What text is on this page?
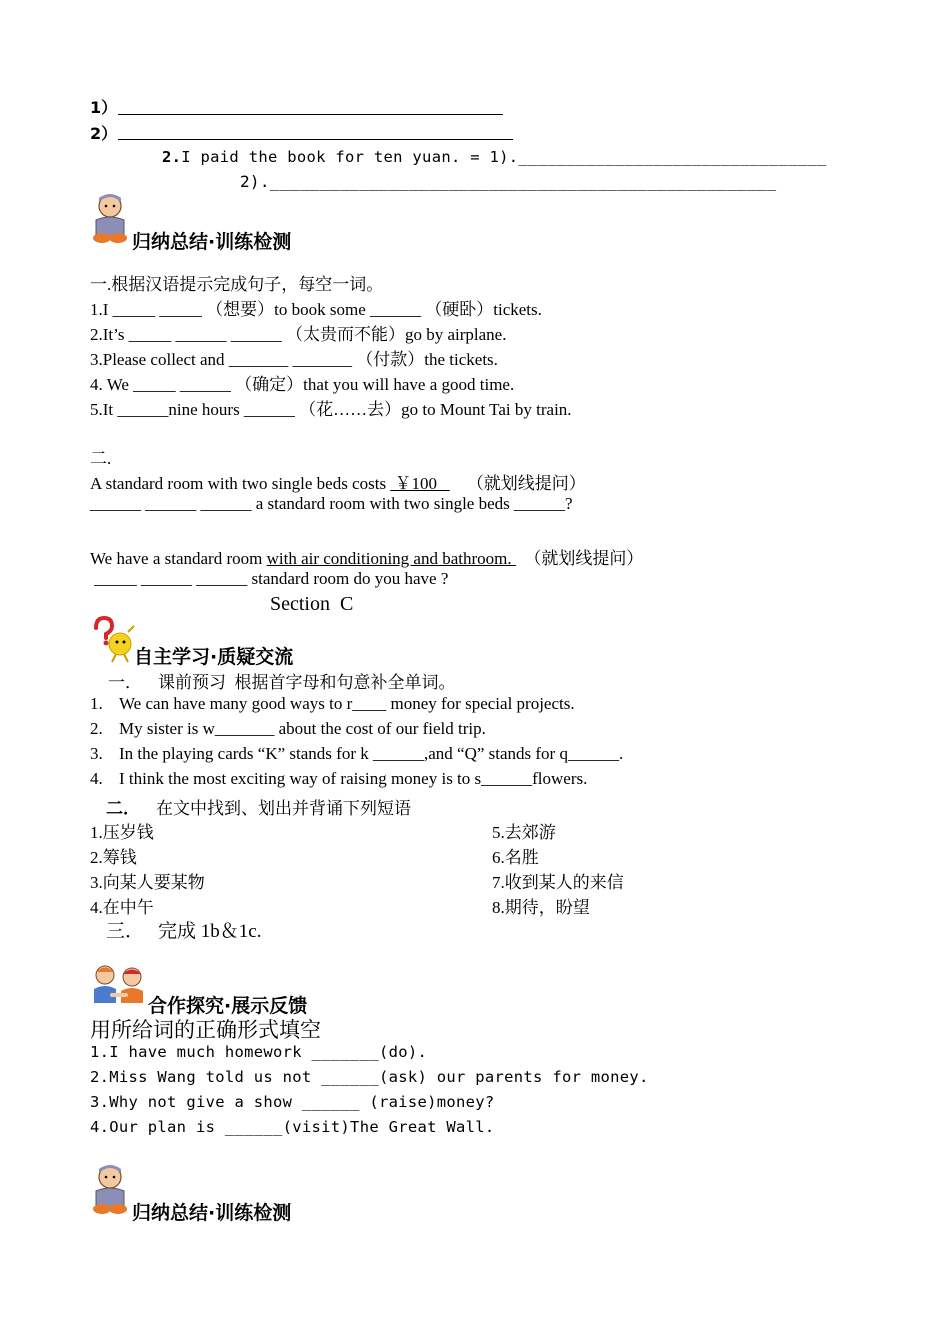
1）
2）
2.I paid the book for ten yuan. = 1).________________________________
2).___________________________________________________
归纳总结·训练检测
一.根据汉语提示完成句子，每空一词。
1.I _____ _____ （想要）to book some ______ （硬卧）tickets.
2.It’s _____ ______ ______ （太贵而不能）go by airplane.
3.Please collect and _______ _______ （付款）the tickets.
4. We _____ ______ （确定）that you will have a good time.
5.It ______nine hours ______ （花……去）go to Mount Tai by train.
二.
A standard room with two single beds costs  ￥100       （就划线提问）
______ ______ ______ a standard room with two single beds ______?
We have a standard room with air conditioning and bathroom.   （就划线提问）
_____ ______ ______ standard room do you have ?
Section  C
自主学习·质疑交流
一． 课前预习  根据首字母和句意补全单词。
1. We can have many good ways to r____ money for special projects.
2. My sister is w_______ about the cost of our field trip.
3. In the playing cards “K” stands for k ______,and “Q” stands for q______.
4. I think the most exciting way of raising money is to s______flowers.
二． 在文中找到、划出并背诵下列短语
1.压岁钱
2.筹钱
3.向某人要某物
4.在中午
5.去郊游
6.名胜
7.收到某人的来信
8.期待，盼望
三． 完成 1b＆1c.
合作探究·展示反馈
用所给词的正确形式填空
1.I have much homework _______(do).
2.Miss Wang told us not ______(ask) our parents for money.
3.Why not give a show ______ (raise)money?
4.Our plan is ______(visit)The Great Wall.
归纳总结·训练检测
